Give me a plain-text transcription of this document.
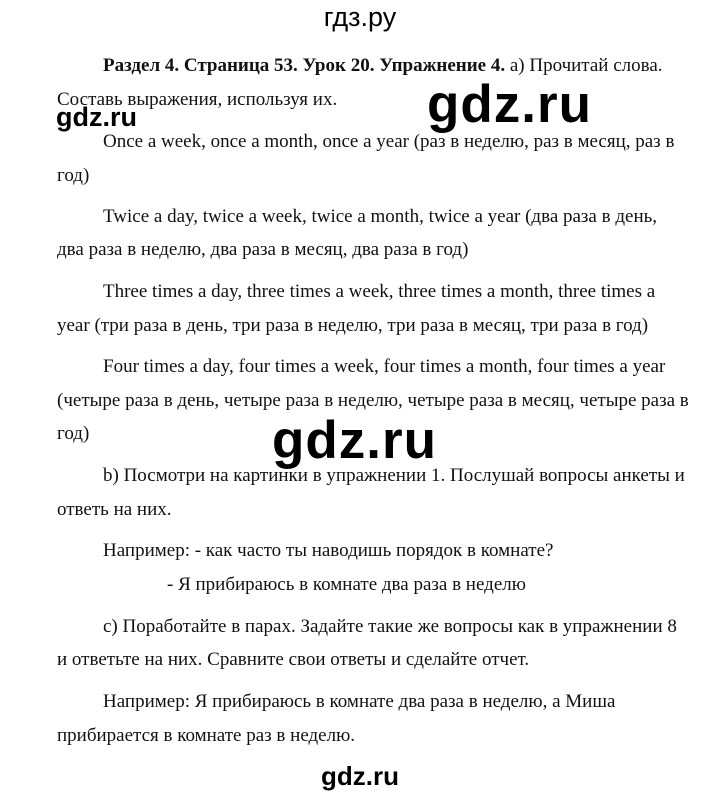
гдз.ру
Раздел 4. Страница 53. Урок 20. Упражнение 4. а) Прочитай слова.
Составь выражения, используя их.
gdz.ru	gdz.ru
gdz.ru
Once a week, once a month, once a year (раз в неделю, раз в месяц, раз в
год)
Twice a day, twice a week, twice a month, twice a year (два раза в день,
два раза в неделю, два раза в месяц, два раза в год)
Three times a day, three times a week, three times a month, three times a
year (три раза в день, три раза в неделю, три раза в месяц, три раза в год)
Four times a day, four times a week, four times a month, four times a year
(четыре раза в день, четыре раза в неделю, четыре раза в месяц, четыре раза в
год)
b) Посмотри на картинки в упражнении 1. Послушай вопросы анкеты и
ответь на них.
Например: - как часто ты наводишь порядок в комнате?
- Я прибираюсь в комнате два раза в неделю
c) Поработайте в парах. Задайте такие же вопросы как в упражнении 8
и ответьте на них. Сравните свои ответы и сделайте отчет.
Например: Я прибираюсь в комнате два раза в неделю, а Миша
прибирается в комнате раз в неделю.
gdz.ru
